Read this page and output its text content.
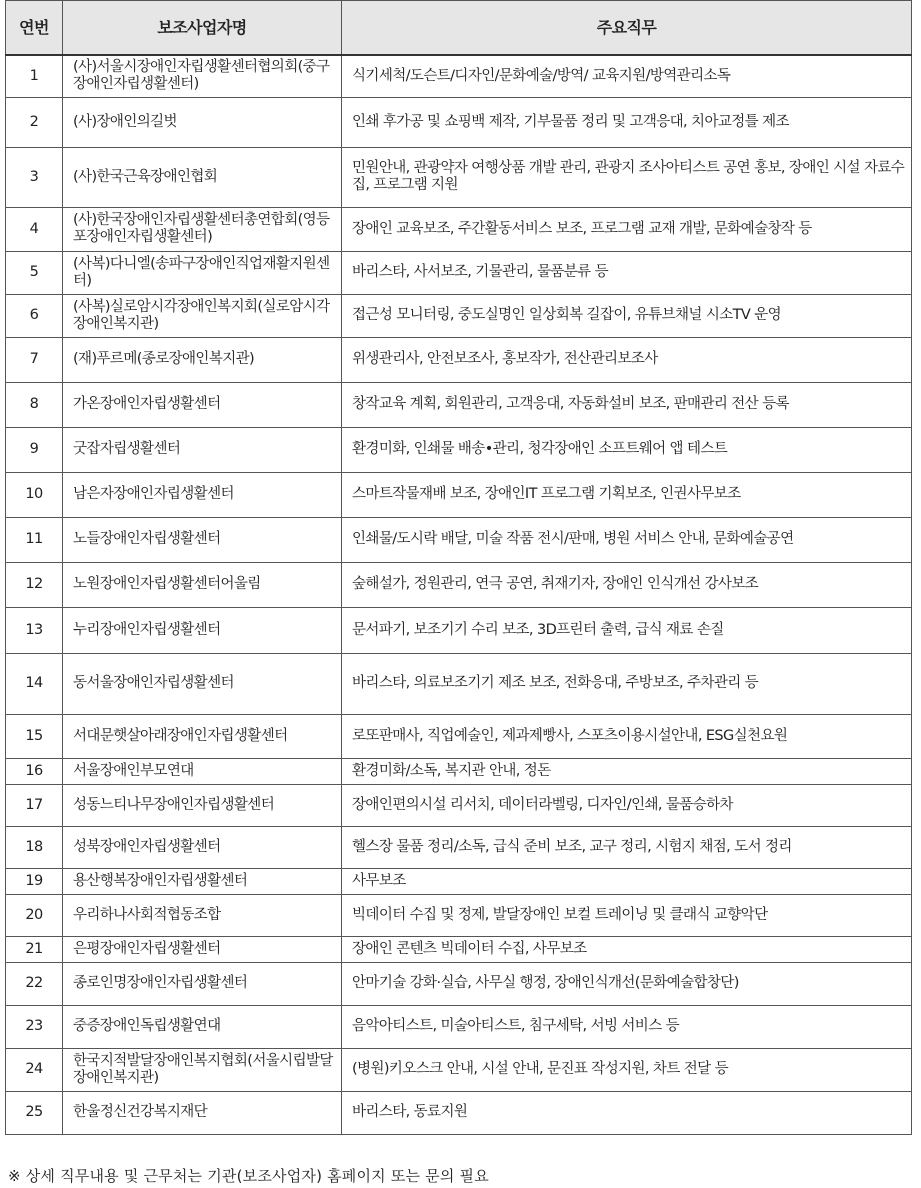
연번	보조사업자명	주요직무
1	(사)서울시장애인자립생활센터협의회(중구장애인자립생활센터)	식기세척/도슨트/디자인/문화예술/방역/ 교육지원/방역관리소독
2	(사)장애인의길벗	인쇄 후가공 및 쇼핑백 제작, 기부물품 정리 및 고객응대, 치아교정틀 제조
3	(사)한국근육장애인협회	민원안내, 관광약자 여행상품 개발 관리, 관광지 조사아티스트 공연 홍보, 장애인 시설 자료수집, 프로그램 지원
4	(사)한국장애인자립생활센터총연합회(영등포장애인자립생활센터)	장애인 교육보조, 주간활동서비스 보조, 프로그램 교재 개발, 문화예술창작 등
5	(사복)다니엘(송파구장애인직업재활지원센터)	바리스타, 사서보조, 기물관리, 물품분류 등
6	(사복)실로암시각장애인복지회(실로암시각장애인복지관)	접근성 모니터링, 중도실명인 일상회복 길잡이, 유튜브채널 시소TV 운영
7	(재)푸르메(종로장애인복지관)	위생관리사, 안전보조사, 홍보작가, 전산관리보조사
8	가온장애인자립생활센터	창작교육 계획, 회원관리, 고객응대, 자동화설비 보조, 판매관리 전산 등록
9	굿잡자립생활센터	환경미화, 인쇄물 배송•관리, 청각장애인 소프트웨어 앱 테스트
10	남은자장애인자립생활센터	스마트작물재배 보조, 장애인IT 프로그램 기획보조, 인권사무보조
11	노들장애인자립생활센터	인쇄물/도시락 배달, 미술 작품 전시/판매, 병원 서비스 안내, 문화예술공연
12	노원장애인자립생활센터어울림	숲해설가, 정원관리, 연극 공연, 취재기자, 장애인 인식개선 강사보조
13	누리장애인자립생활센터	문서파기, 보조기기 수리 보조, 3D프린터 출력, 급식 재료 손질
14	동서울장애인자립생활센터	바리스타, 의료보조기기 제조 보조, 전화응대, 주방보조, 주차관리 등
15	서대문햇살아래장애인자립생활센터	로또판매사, 직업예술인, 제과제빵사, 스포츠이용시설안내, ESG실천요원
16	서울장애인부모연대	환경미화/소독, 복지관 안내, 정돈
17	성동느티나무장애인자립생활센터	장애인편의시설 리서치, 데이터라벨링, 디자인/인쇄, 물품승하차
18	성북장애인자립생활센터	헬스장 물품 정리/소독, 급식 준비 보조, 교구 정리, 시험지 채점, 도서 정리
19	용산행복장애인자립생활센터	사무보조
20	우리하나사회적협동조합	빅데이터 수집 및 정제, 발달장애인 보컬 트레이닝 및 클래식 교향악단
21	은평장애인자립생활센터	장애인 콘텐츠 빅데이터 수집, 사무보조
22	종로인명장애인자립생활센터	안마기술 강화·실습, 사무실 행정, 장애인식개선(문화예술합창단)
23	중증장애인독립생활연대	음악아티스트, 미술아티스트, 침구세탁, 서빙 서비스 등
24	한국지적발달장애인복지협회(서울시립발달장애인복지관)	(병원)키오스크 안내, 시설 안내, 문진표 작성지원, 차트 전달 등
25	한울정신건강복지재단	바리스타, 동료지원
※ 상세 직무내용 및 근무처는 기관(보조사업자) 홈페이지 또는 문의 필요
